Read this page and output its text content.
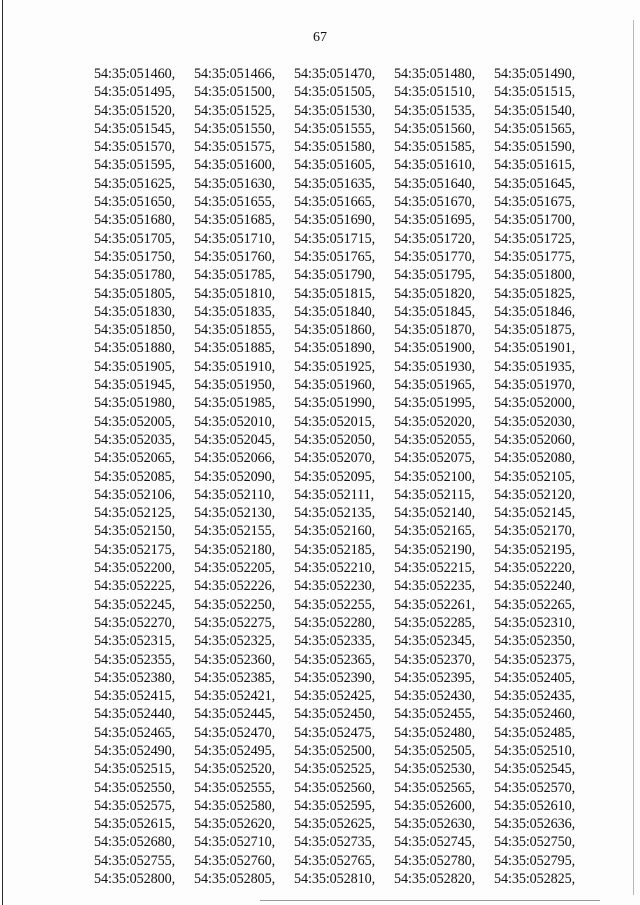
67
54:35:051460,	54:35:051466,	54:35:051470,	54:35:051480,	54:35:051490,
54:35:051495,	54:35:051500,	54:35:051505,	54:35:051510,	54:35:051515,
54:35:051520,	54:35:051525,	54:35:051530,	54:35:051535,	54:35:051540,
54:35:051545,	54:35:051550,	54:35:051555,	54:35:051560,	54:35:051565,
54:35:051570,	54:35:051575,	54:35:051580,	54:35:051585,	54:35:051590,
54:35:051595,	54:35:051600,	54:35:051605,	54:35:051610,	54:35:051615,
54:35:051625,	54:35:051630,	54:35:051635,	54:35:051640,	54:35:051645,
54:35:051650,	54:35:051655,	54:35:051665,	54:35:051670,	54:35:051675,
54:35:051680,	54:35:051685,	54:35:051690,	54:35:051695,	54:35:051700,
54:35:051705,	54:35:051710,	54:35:051715,	54:35:051720,	54:35:051725,
54:35:051750,	54:35:051760,	54:35:051765,	54:35:051770,	54:35:051775,
54:35:051780,	54:35:051785,	54:35:051790,	54:35:051795,	54:35:051800,
54:35:051805,	54:35:051810,	54:35:051815,	54:35:051820,	54:35:051825,
54:35:051830,	54:35:051835,	54:35:051840,	54:35:051845,	54:35:051846,
54:35:051850,	54:35:051855,	54:35:051860,	54:35:051870,	54:35:051875,
54:35:051880,	54:35:051885,	54:35:051890,	54:35:051900,	54:35:051901,
54:35:051905,	54:35:051910,	54:35:051925,	54:35:051930,	54:35:051935,
54:35:051945,	54:35:051950,	54:35:051960,	54:35:051965,	54:35:051970,
54:35:051980,	54:35:051985,	54:35:051990,	54:35:051995,	54:35:052000,
54:35:052005,	54:35:052010,	54:35:052015,	54:35:052020,	54:35:052030,
54:35:052035,	54:35:052045,	54:35:052050,	54:35:052055,	54:35:052060,
54:35:052065,	54:35:052066,	54:35:052070,	54:35:052075,	54:35:052080,
54:35:052085,	54:35:052090,	54:35:052095,	54:35:052100,	54:35:052105,
54:35:052106,	54:35:052110,	54:35:052111,	54:35:052115,	54:35:052120,
54:35:052125,	54:35:052130,	54:35:052135,	54:35:052140,	54:35:052145,
54:35:052150,	54:35:052155,	54:35:052160,	54:35:052165,	54:35:052170,
54:35:052175,	54:35:052180,	54:35:052185,	54:35:052190,	54:35:052195,
54:35:052200,	54:35:052205,	54:35:052210,	54:35:052215,	54:35:052220,
54:35:052225,	54:35:052226,	54:35:052230,	54:35:052235,	54:35:052240,
54:35:052245,	54:35:052250,	54:35:052255,	54:35:052261,	54:35:052265,
54:35:052270,	54:35:052275,	54:35:052280,	54:35:052285,	54:35:052310,
54:35:052315,	54:35:052325,	54:35:052335,	54:35:052345,	54:35:052350,
54:35:052355,	54:35:052360,	54:35:052365,	54:35:052370,	54:35:052375,
54:35:052380,	54:35:052385,	54:35:052390,	54:35:052395,	54:35:052405,
54:35:052415,	54:35:052421,	54:35:052425,	54:35:052430,	54:35:052435,
54:35:052440,	54:35:052445,	54:35:052450,	54:35:052455,	54:35:052460,
54:35:052465,	54:35:052470,	54:35:052475,	54:35:052480,	54:35:052485,
54:35:052490,	54:35:052495,	54:35:052500,	54:35:052505,	54:35:052510,
54:35:052515,	54:35:052520,	54:35:052525,	54:35:052530,	54:35:052545,
54:35:052550,	54:35:052555,	54:35:052560,	54:35:052565,	54:35:052570,
54:35:052575,	54:35:052580,	54:35:052595,	54:35:052600,	54:35:052610,
54:35:052615,	54:35:052620,	54:35:052625,	54:35:052630,	54:35:052636,
54:35:052680,	54:35:052710,	54:35:052735,	54:35:052745,	54:35:052750,
54:35:052755,	54:35:052760,	54:35:052765,	54:35:052780,	54:35:052795,
54:35:052800,	54:35:052805,	54:35:052810,	54:35:052820,	54:35:052825,
